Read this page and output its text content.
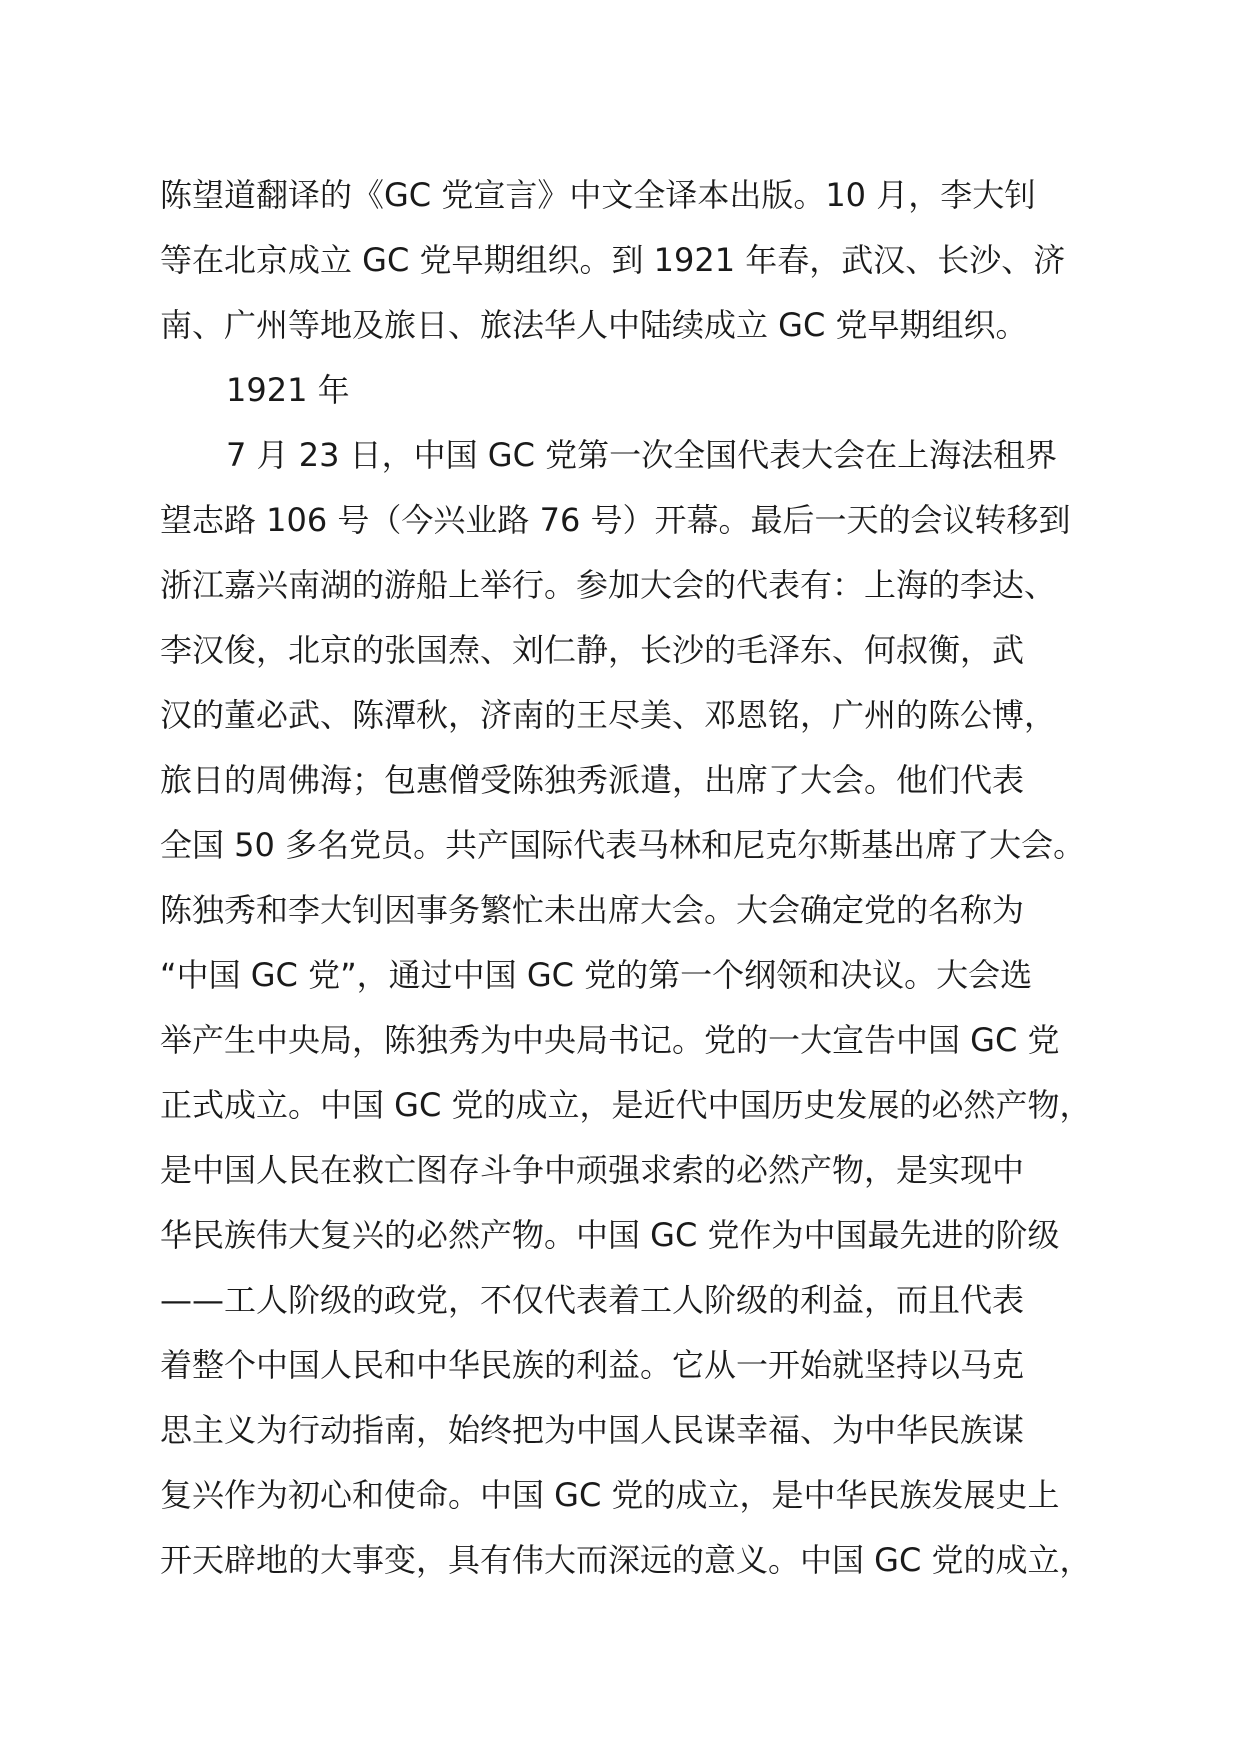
陈望道翻译的《GC 党宣言》中文全译本出版。10 月，李大钊
等在北京成立 GC 党早期组织。到 1921 年春，武汉、长沙、济
南、广州等地及旅日、旅法华人中陆续成立 GC 党早期组织。
1921 年
7 月 23 日，中国 GC 党第一次全国代表大会在上海法租界
望志路 106 号（今兴业路 76 号）开幕。最后一天的会议转移到
浙江嘉兴南湖的游船上举行。参加大会的代表有：上海的李达、
李汉俊，北京的张国焘、刘仁静，长沙的毛泽东、何叔衡，武
汉的董必武、陈潭秋，济南的王尽美、邓恩铭，广州的陈公博，
旅日的周佛海；包惠僧受陈独秀派遣，出席了大会。他们代表
全国 50 多名党员。共产国际代表马林和尼克尔斯基出席了大会。
陈独秀和李大钊因事务繁忙未出席大会。大会确定党的名称为
“中国 GC 党”，通过中国 GC 党的第一个纲领和决议。大会选
举产生中央局，陈独秀为中央局书记。党的一大宣告中国 GC 党
正式成立。中国 GC 党的成立，是近代中国历史发展的必然产物，
是中国人民在救亡图存斗争中顽强求索的必然产物，是实现中
华民族伟大复兴的必然产物。中国 GC 党作为中国最先进的阶级
——工人阶级的政党，不仅代表着工人阶级的利益，而且代表
着整个中国人民和中华民族的利益。它从一开始就坚持以马克
思主义为行动指南，始终把为中国人民谋幸福、为中华民族谋
复兴作为初心和使命。中国 GC 党的成立，是中华民族发展史上
开天辟地的大事变，具有伟大而深远的意义。中国 GC 党的成立，
